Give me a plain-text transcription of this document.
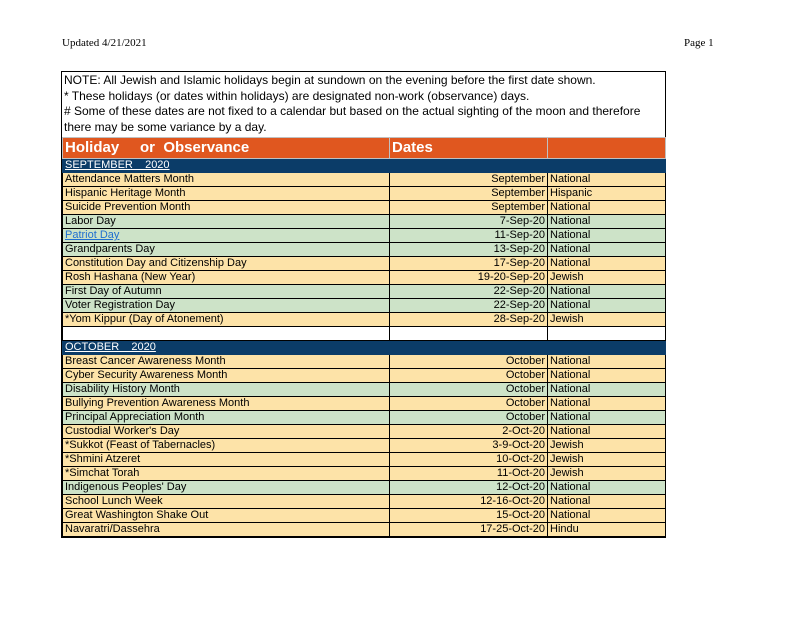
Updated 4/21/2021	Page 1
NOTE: All Jewish and Islamic holidays begin at sundown on the evening before the first date shown.
* These holidays (or dates within holidays) are designated non-work (observance) days.
# Some of these dates are not fixed to a calendar but based on the actual sighting of the moon and therefore
there may be some variance by a day.
Holiday     or  Observance	Dates	
SEPTEMBER    2020		
Attendance Matters Month	September	National
Hispanic Heritage Month	September	Hispanic
Suicide Prevention Month	September	National
Labor Day	7-Sep-20	National
Patriot Day	11-Sep-20	National
Grandparents Day	13-Sep-20	National
Constitution Day and Citizenship Day	17-Sep-20	National
Rosh Hashana (New Year)	19-20-Sep-20	Jewish
First Day of Autumn	22-Sep-20	National
Voter Registration Day	22-Sep-20	National
*Yom Kippur (Day of Atonement)	28-Sep-20	Jewish

OCTOBER    2020		
Breast Cancer Awareness Month	October	National
Cyber Security Awareness Month	October	National
Disability History Month	October	National
Bullying Prevention Awareness Month	October	National
Principal Appreciation Month	October	National
Custodial Worker's Day	2-Oct-20	National
*Sukkot (Feast of Tabernacles)	3-9-Oct-20	Jewish
*Shmini Atzeret	10-Oct-20	Jewish
*Simchat Torah	11-Oct-20	Jewish
Indigenous Peoples' Day	12-Oct-20	National
School Lunch Week	12-16-Oct-20	National
Great Washington Shake Out	15-Oct-20	National
Navaratri/Dassehra	17-25-Oct-20	Hindu
